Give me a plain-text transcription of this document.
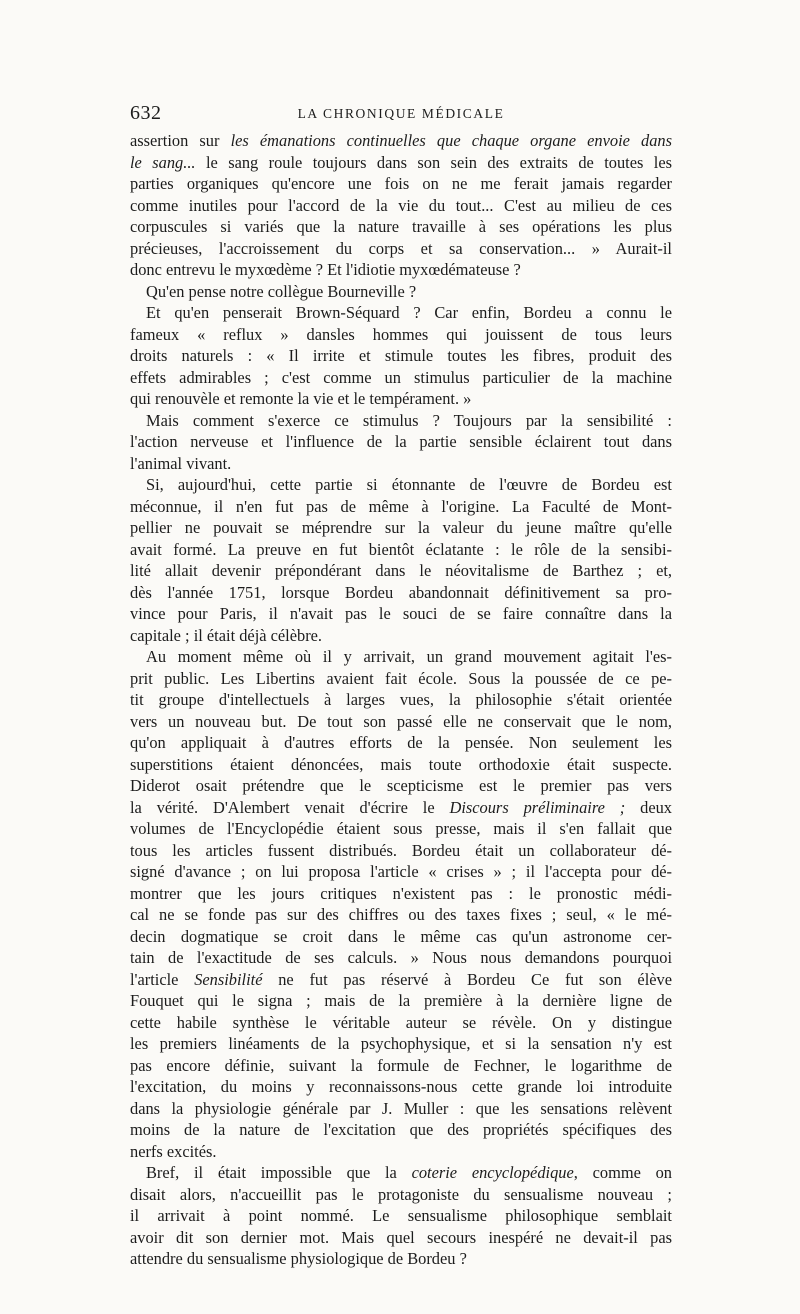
632	LA CHRONIQUE MÉDICALE
assertion sur les émanations continuelles que chaque organe envoie dans
le sang... le sang roule toujours dans son sein des extraits de toutes les
parties organiques qu'encore une fois on ne me ferait jamais regarder
comme inutiles pour l'accord de la vie du tout... C'est au milieu de ces
corpuscules si variés que la nature travaille à ses opérations les plus
précieuses, l'accroissement du corps et sa conservation... » Aurait-il
donc entrevu le myxœdème ? Et l'idiotie myxœdémateuse ?
Qu'en pense notre collègue Bourneville ?
Et qu'en penserait Brown-Séquard ? Car enfin, Bordeu a connu le
fameux « reflux » dansles hommes qui jouissent de tous leurs
droits naturels : « Il irrite et stimule toutes les fibres, produit des
effets admirables ; c'est comme un stimulus particulier de la machine
qui renouvèle et remonte la vie et le tempérament. »
Mais comment s'exerce ce stimulus ? Toujours par la sensibilité :
l'action nerveuse et l'influence de la partie sensible éclairent tout dans
l'animal vivant.
Si, aujourd'hui, cette partie si étonnante de l'œuvre de Bordeu est
méconnue, il n'en fut pas de même à l'origine. La Faculté de Mont-
pellier ne pouvait se méprendre sur la valeur du jeune maître qu'elle
avait formé. La preuve en fut bientôt éclatante : le rôle de la sensibi-
lité allait devenir prépondérant dans le néovitalisme de Barthez ; et,
dès l'année 1751, lorsque Bordeu abandonnait définitivement sa pro-
vince pour Paris, il n'avait pas le souci de se faire connaître dans la
capitale ; il était déjà célèbre.
Au moment même où il y arrivait, un grand mouvement agitait l'es-
prit public. Les Libertins avaient fait école. Sous la poussée de ce pe-
tit groupe d'intellectuels à larges vues, la philosophie s'était orientée
vers un nouveau but. De tout son passé elle ne conservait que le nom,
qu'on appliquait à d'autres efforts de la pensée. Non seulement les
superstitions étaient dénoncées, mais toute orthodoxie était suspecte.
Diderot osait prétendre que le scepticisme est le premier pas vers
la vérité. D'Alembert venait d'écrire le Discours préliminaire ; deux
volumes de l'Encyclopédie étaient sous presse, mais il s'en fallait que
tous les articles fussent distribués. Bordeu était un collaborateur dé-
signé d'avance ; on lui proposa l'article « crises » ; il l'accepta pour dé-
montrer que les jours critiques n'existent pas : le pronostic médi-
cal ne se fonde pas sur des chiffres ou des taxes fixes ; seul, « le mé-
decin dogmatique se croit dans le même cas qu'un astronome cer-
tain de l'exactitude de ses calculs. » Nous nous demandons pourquoi
l'article Sensibilité ne fut pas réservé à Bordeu Ce fut son élève
Fouquet qui le signa ; mais de la première à la dernière ligne de
cette habile synthèse le véritable auteur se révèle. On y distingue
les premiers linéaments de la psychophysique, et si la sensation n'y est
pas encore définie, suivant la formule de Fechner, le logarithme de
l'excitation, du moins y reconnaissons-nous cette grande loi introduite
dans la physiologie générale par J. Muller : que les sensations relèvent
moins de la nature de l'excitation que des propriétés spécifiques des
nerfs excités.
Bref, il était impossible que la coterie encyclopédique, comme on
disait alors, n'accueillit pas le protagoniste du sensualisme nouveau ;
il arrivait à point nommé. Le sensualisme philosophique semblait
avoir dit son dernier mot. Mais quel secours inespéré ne devait-il pas
attendre du sensualisme physiologique de Bordeu ?
